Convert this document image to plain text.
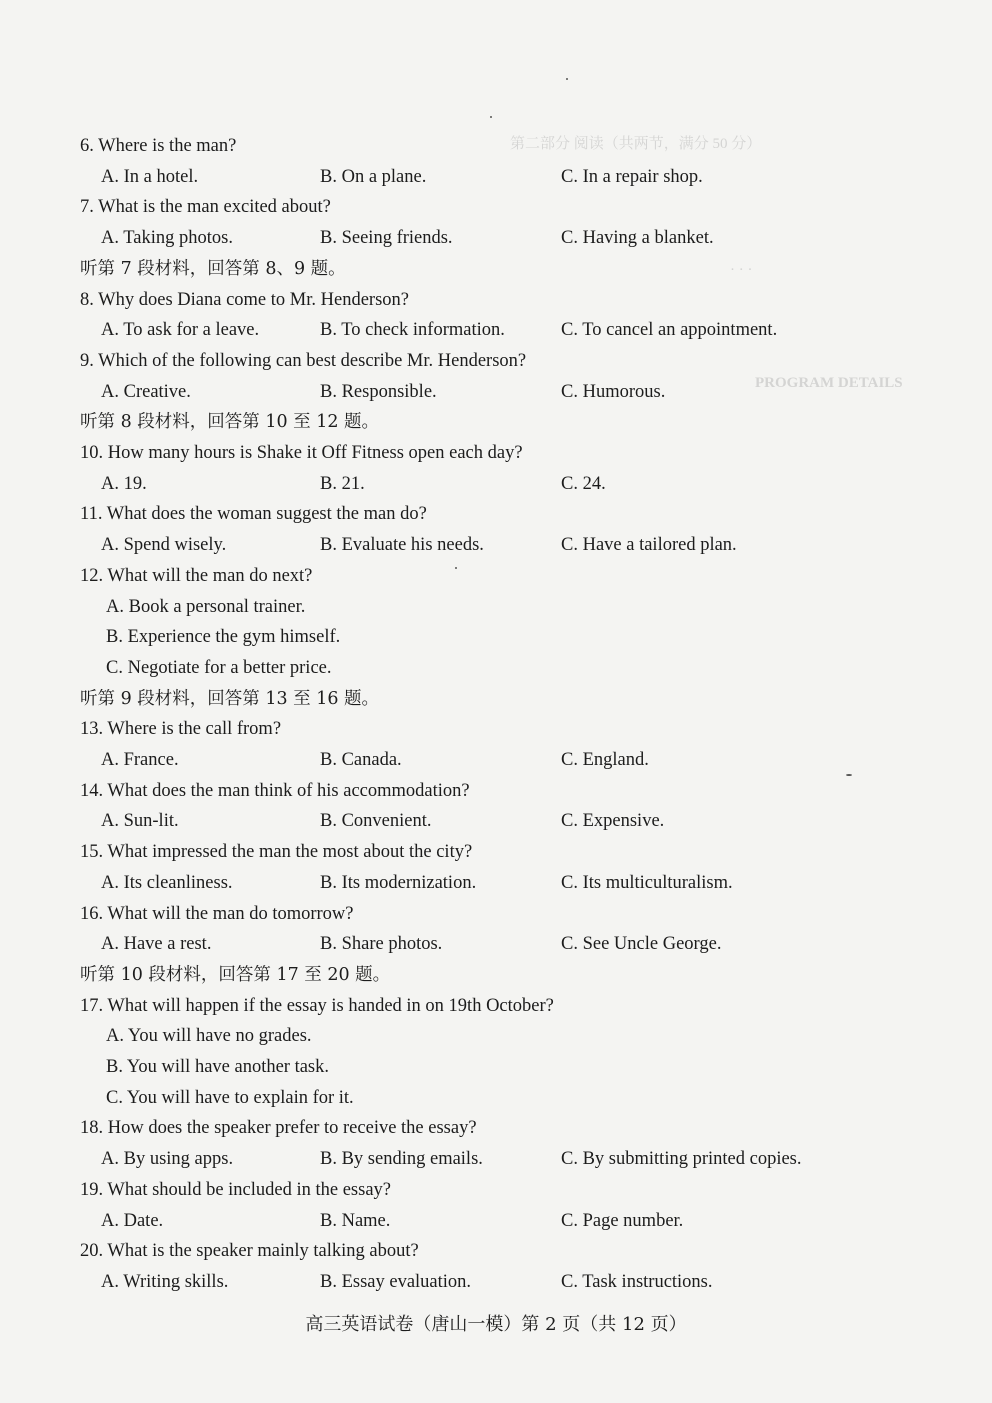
第二部分 阅读（共两节，满分 50 分）
· · ·
PROGRAM DETAILS
6. Where is the man?
A. In a hotel.	B. On a plane.	C. In a repair shop.
7. What is the man excited about?
A. Taking photos.	B. Seeing friends.	C. Having a blanket.
听第 7 段材料，回答第 8、9 题。
8. Why does Diana come to Mr. Henderson?
A. To ask for a leave.	B. To check information.	C. To cancel an appointment.
9. Which of the following can best describe Mr. Henderson?
A. Creative.	B. Responsible.	C. Humorous.
听第 8 段材料，回答第 10 至 12 题。
10. How many hours is Shake it Off Fitness open each day?
A. 19.	B. 21.	C. 24.
11. What does the woman suggest the man do?
A. Spend wisely.	B. Evaluate his needs.	C. Have a tailored plan.
12. What will the man do next?
A. Book a personal trainer.
B. Experience the gym himself.
C. Negotiate for a better price.
听第 9 段材料，回答第 13 至 16 题。
13. Where is the call from?
A. France.	B. Canada.	C. England.
14. What does the man think of his accommodation?
A. Sun-lit.	B. Convenient.	C. Expensive.
15. What impressed the man the most about the city?
A. Its cleanliness.	B. Its modernization.	C. Its multiculturalism.
16. What will the man do tomorrow?
A. Have a rest.	B. Share photos.	C. See Uncle George.
听第 10 段材料，回答第 17 至 20 题。
17. What will happen if the essay is handed in on 19th October?
A. You will have no grades.
B. You will have another task.
C. You will have to explain for it.
18. How does the speaker prefer to receive the essay?
A. By using apps.	B. By sending emails.	C. By submitting printed copies.
19. What should be included in the essay?
A. Date.	B. Name.	C. Page number.
20. What is the speaker mainly talking about?
A. Writing skills.	B. Essay evaluation.	C. Task instructions.
高三英语试卷（唐山一模）第 2 页（共 12 页）
